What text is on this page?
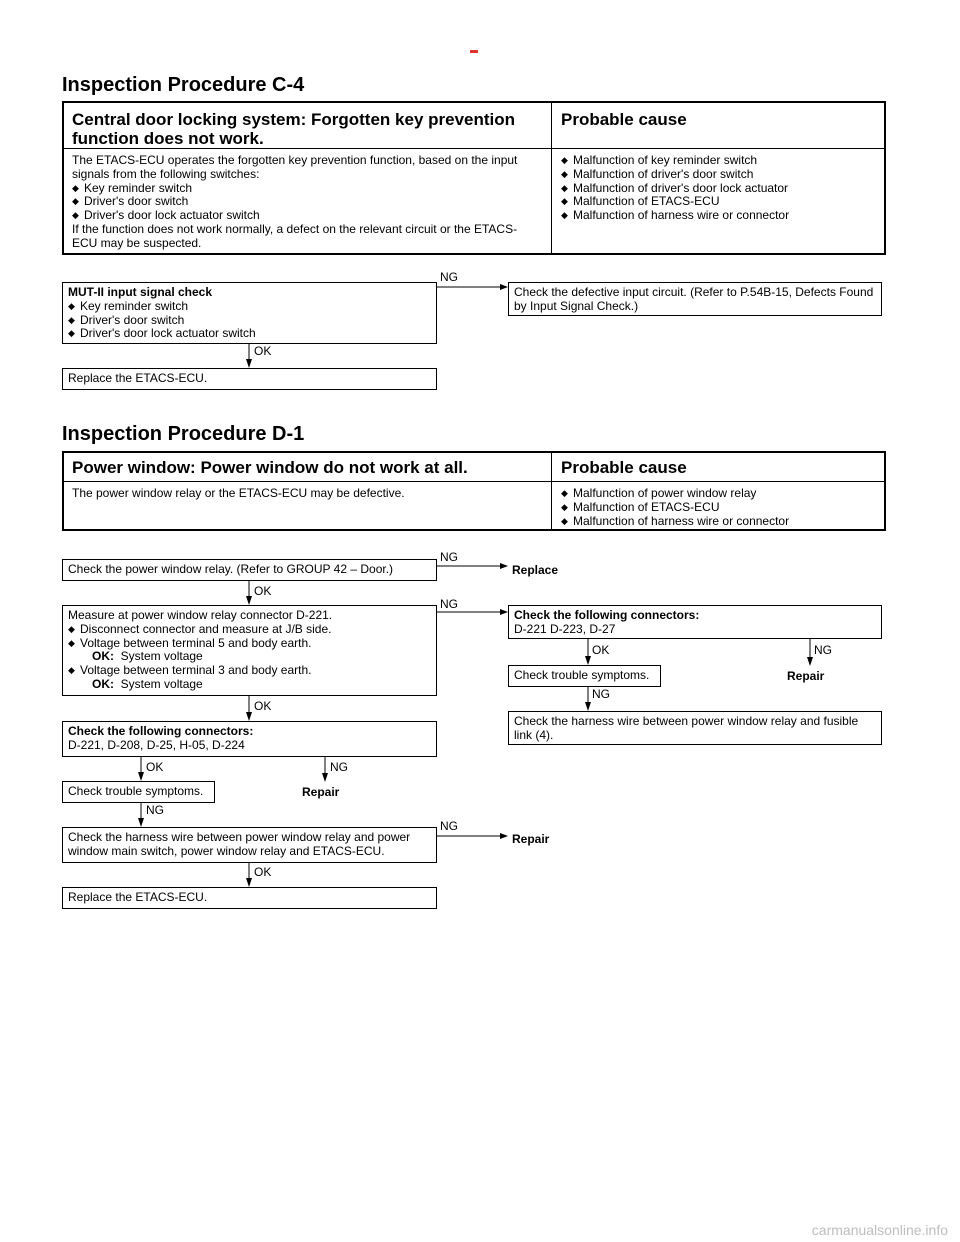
Inspection Procedure C-4
Central door locking system: Forgotten key prevention function does not work.
Probable cause
The ETACS-ECU operates the forgotten key prevention function, based on the input signals from the following switches:
◆ Key reminder switch
◆ Driver's door switch
◆ Driver's door lock actuator switch
If the function does not work normally, a defect on the relevant circuit or the ETACS-ECU may be suspected.
◆ Malfunction of key reminder switch
◆ Malfunction of driver's door switch
◆ Malfunction of driver's door lock actuator
◆ Malfunction of ETACS-ECU
◆ Malfunction of harness wire or connector
MUT-II input signal check
◆ Key reminder switch
◆ Driver's door switch
◆ Driver's door lock actuator switch
NG
Check the defective input circuit. (Refer to P.54B-15, Defects Found by Input Signal Check.)
OK
Replace the ETACS-ECU.
Inspection Procedure D-1
Power window: Power window do not work at all.	Probable cause
The power window relay or the ETACS-ECU may be defective.
◆	Malfunction of power window relay
◆ Malfunction of ETACS-ECU
◆ Malfunction of harness wire or connector
Check the power window relay. (Refer to GROUP 42 – Door.)
NG
Replace
OK
Measure at power window relay connector D-221.
◆ Disconnect connector and measure at J/B side.
◆ Voltage between terminal 5 and body earth.
OK: System voltage
◆ Voltage between terminal 3 and body earth.
OK: System voltage
NG
Check the following connectors:
D-221 D-223, D-27
OK	NG
Check trouble symptoms.	Repair
NG
Check the harness wire between power window relay and fusible link (4).
OK
Check the following connectors:
D-221, D-208, D-25, H-05, D-224
OK	NG
Check trouble symptoms.	Repair
NG
Check the harness wire between power window relay and power window main switch, power window relay and ETACS-ECU.
NG
Repair
OK
Replace the ETACS-ECU.
carmanualsonline.info
